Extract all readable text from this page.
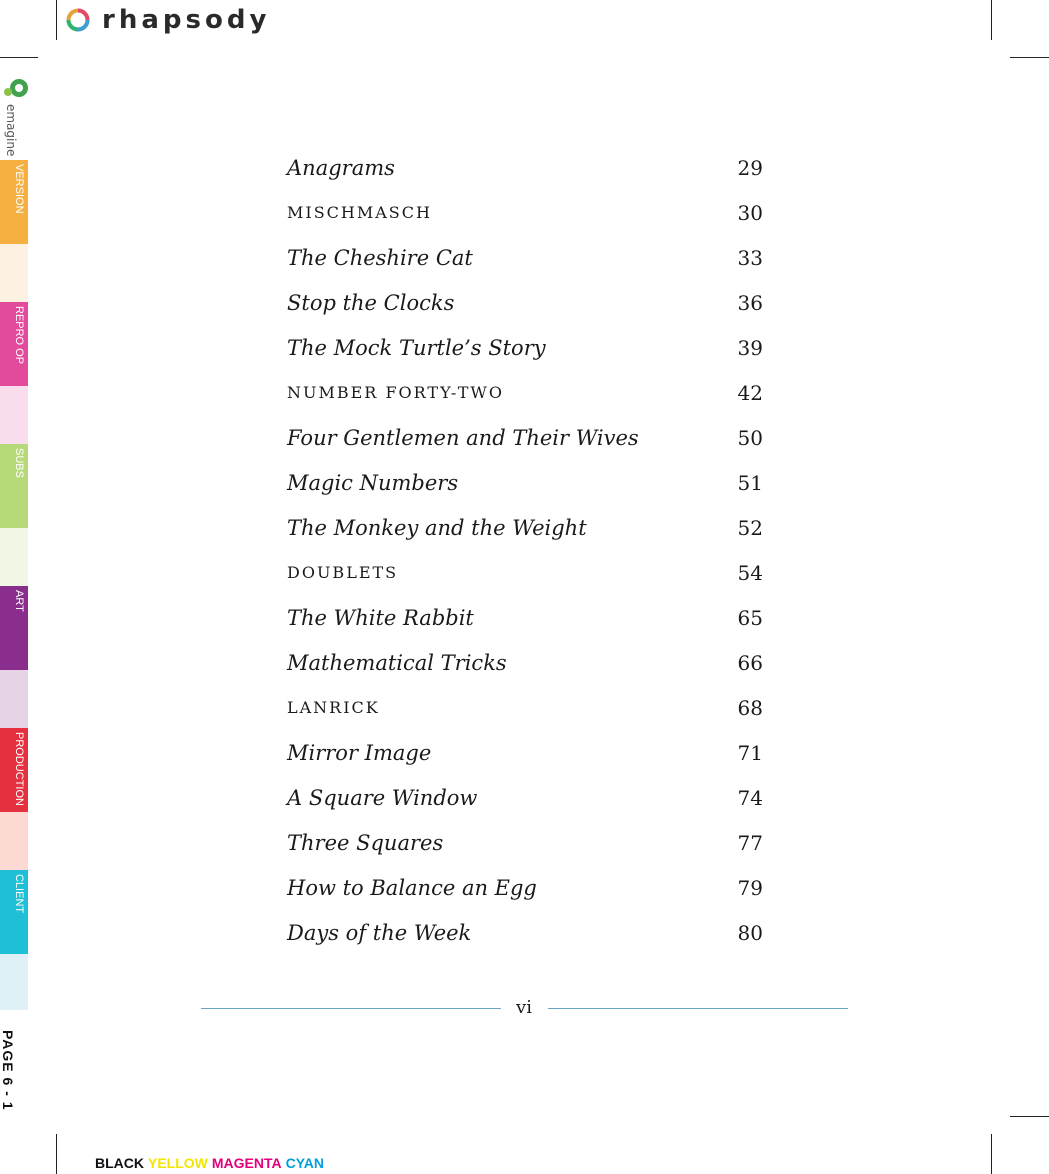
rhapsody
emagine
VERSION
REPRO OP
SUBS
ART
PRODUCTION
CLIENT
PAGE 6 - 1
Anagrams	29
MISCHMASCH	30
The Cheshire Cat	33
Stop the Clocks	36
The Mock Turtle’s Story	39
NUMBER FORTY-TWO	42
Four Gentlemen and Their Wives	50
Magic Numbers	51
The Monkey and the Weight	52
DOUBLETS	54
The White Rabbit	65
Mathematical Tricks	66
LANRICK	68
Mirror Image	71
A Square Window	74
Three Squares	77
How to Balance an Egg	79
Days of the Week	80
vi
BLACK YELLOW MAGENTA CYAN
